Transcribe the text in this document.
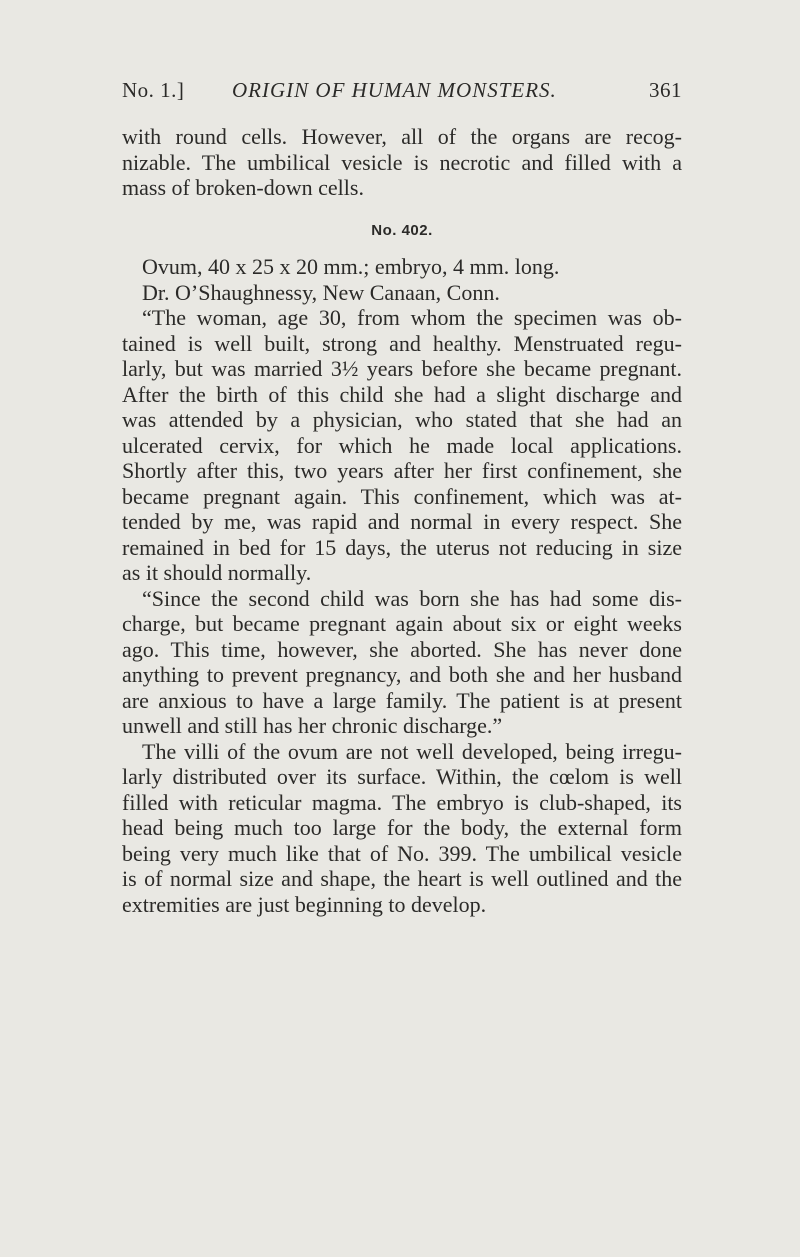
No. 1.] ORIGIN OF HUMAN MONSTERS.	361

with round cells. However, all of the organs are recog-
nizable. The umbilical vesicle is necrotic and filled with a
mass of broken-down cells.

No. 402.

Ovum, 40 x 25 x 20 mm.; embryo, 4 mm. long.
Dr. O’Shaughnessy, New Canaan, Conn.

“The woman, age 30, from whom the specimen was ob-
tained is well built, strong and healthy. Menstruated regu-
larly, but was married 3½ years before she became pregnant.
After the birth of this child she had a slight discharge and
was attended by a physician, who stated that she had an
ulcerated cervix, for which he made local applications.
Shortly after this, two years after her first confinement, she
became pregnant again. This confinement, which was at-
tended by me, was rapid and normal in every respect. She
remained in bed for 15 days, the uterus not reducing in size
as it should normally.

“Since the second child was born she has had some dis-
charge, but became pregnant again about six or eight weeks
ago. This time, however, she aborted. She has never done
anything to prevent pregnancy, and both she and her husband
are anxious to have a large family. The patient is at present
unwell and still has her chronic discharge.”

The villi of the ovum are not well developed, being irregu-
larly distributed over its surface. Within, the cœlom is well
filled with reticular magma. The embryo is club-shaped, its
head being much too large for the body, the external form
being very much like that of No. 399. The umbilical vesicle
is of normal size and shape, the heart is well outlined and the
extremities are just beginning to develop.
